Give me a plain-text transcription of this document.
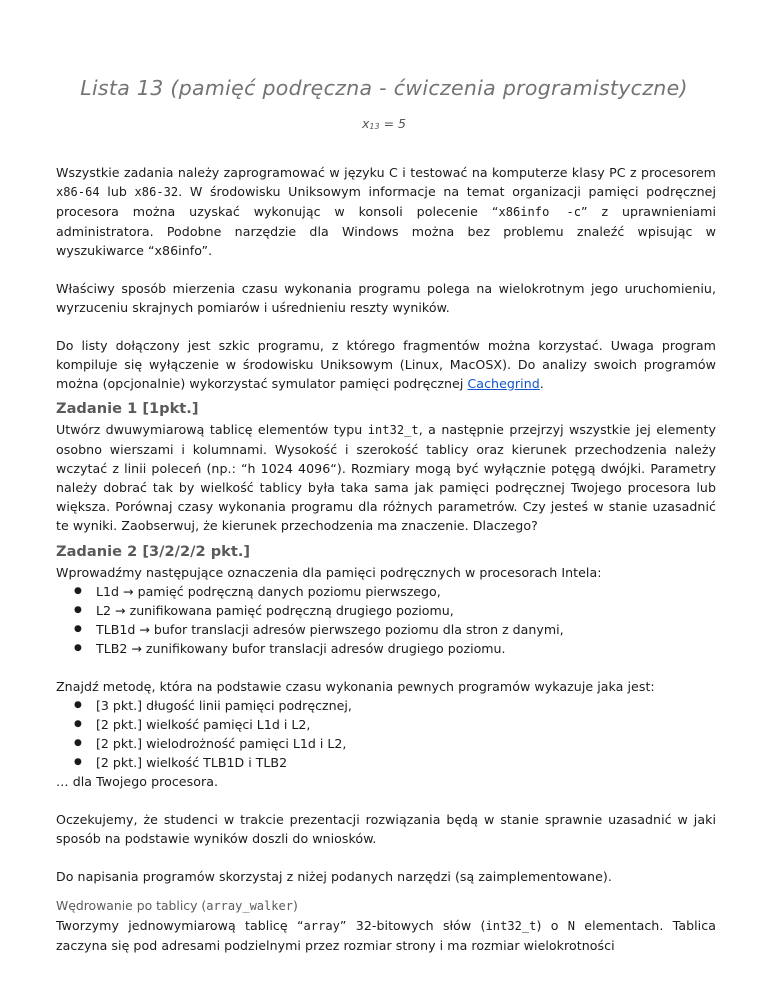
Lista 13 (pamięć podręczna - ćwiczenia programistyczne)
x13 = 5

Wszystkie zadania należy zaprogramować w języku C i testować na komputerze klasy PC z procesorem x86-64 lub x86-32. W środowisku Uniksowym informacje na temat organizacji pamięci podręcznej procesora można uzyskać wykonując w konsoli polecenie “x86info -c” z uprawnieniami administratora. Podobne narzędzie dla Windows można bez problemu znaleźć wpisując w wyszukiwarce “x86info”.

Właściwy sposób mierzenia czasu wykonania programu polega na wielokrotnym jego uruchomieniu, wyrzuceniu skrajnych pomiarów i uśrednieniu reszty wyników.

Do listy dołączony jest szkic programu, z którego fragmentów można korzystać. Uwaga program kompiluje się wyłączenie w środowisku Uniksowym (Linux, MacOSX). Do analizy swoich programów można (opcjonalnie) wykorzystać symulator pamięci podręcznej Cachegrind.

Zadanie 1 [1pkt.]

Utwórz dwuwymiarową tablicę elementów typu int32_t, a następnie przejrzyj wszystkie jej elementy osobno wierszami i kolumnami. Wysokość i szerokość tablicy oraz kierunek przechodzenia należy wczytać z linii poleceń (np.: “h 1024 4096“). Rozmiary mogą być wyłącznie potęgą dwójki. Parametry należy dobrać tak by wielkość tablicy była taka sama jak pamięci podręcznej Twojego procesora lub większa. Porównaj czasy wykonania programu dla różnych parametrów. Czy jesteś w stanie uzasadnić te wyniki. Zaobserwuj, że kierunek przechodzenia ma znaczenie. Dlaczego?

Zadanie 2 [3/2/2/2 pkt.]

Wprowadźmy następujące oznaczenia dla pamięci podręcznych w procesorach Intela:

● L1d → pamięć podręczną danych poziomu pierwszego,
● L2 → zunifikowana pamięć podręczną drugiego poziomu,
● TLB1d → bufor translacji adresów pierwszego poziomu dla stron z danymi,
● TLB2 → zunifikowany bufor translacji adresów drugiego poziomu.

Znajdź metodę, która na podstawie czasu wykonania pewnych programów wykazuje jaka jest:

● [3 pkt.] długość linii pamięci podręcznej,
● [2 pkt.] wielkość pamięci L1d i L2,
● [2 pkt.] wielodrożność pamięci L1d i L2,
● [2 pkt.] wielkość TLB1D i TLB2

… dla Twojego procesora.

Oczekujemy, że studenci w trakcie prezentacji rozwiązania będą w stanie sprawnie uzasadnić w jaki sposób na podstawie wyników doszli do wniosków.

Do napisania programów skorzystaj z niżej podanych narzędzi (są zaimplementowane).

Wędrowanie po tablicy (array_walker)

Tworzymy jednowymiarową tablicę “array” 32-bitowych słów (int32_t) o N elementach. Tablica zaczyna się pod adresami podzielnymi przez rozmiar strony i ma rozmiar wielokrotności
